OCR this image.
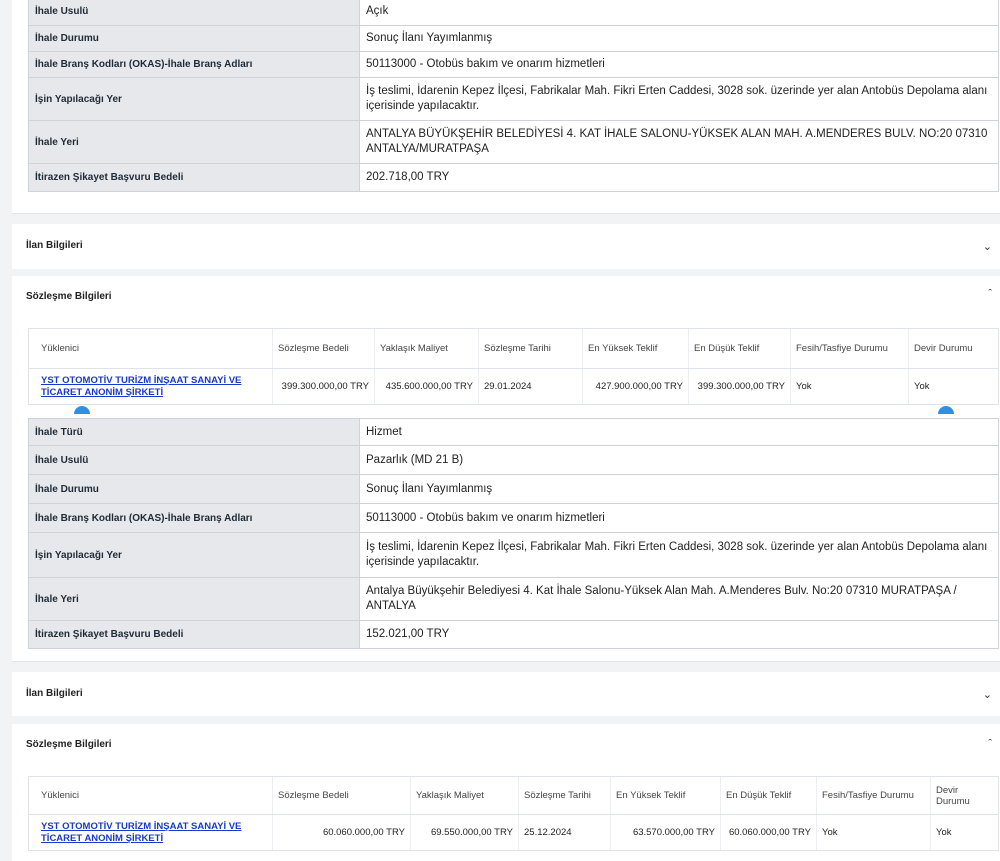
İhale Usulü	Açık
İhale Durumu	Sonuç İlanı Yayımlanmış
İhale Branş Kodları (OKAS)-İhale Branş Adları	50113000 - Otobüs bakım ve onarım hizmetleri
İşin Yapılacağı Yer	İş teslimi, İdarenin Kepez İlçesi, Fabrikalar Mah. Fikri Erten Caddesi, 3028 sok. üzerinde yer alan Antobüs Depolama alanı içerisinde yapılacaktır.
İhale Yeri	ANTALYA BÜYÜKŞEHİR BELEDİYESİ 4. KAT İHALE SALONU-YÜKSEK ALAN MAH. A.MENDERES BULV. NO:20 07310 ANTALYA/MURATPAŞA
İtirazen Şikayet Başvuru Bedeli	202.718,00 TRY
İlan Bilgileri	⌄
Sözleşme Bilgileri	ˆ
Yüklenici	Sözleşme Bedeli	Yaklaşık Maliyet	Sözleşme Tarihi	En Yüksek Teklif	En Düşük Teklif	Fesih/Tasfiye Durumu	Devir Durumu
YST OTOMOTİV TURİZM İNŞAAT SANAYİ VE TİCARET ANONİM ŞİRKETİ	399.300.000,00 TRY	435.600.000,00 TRY	29.01.2024	427.900.000,00 TRY	399.300.000,00 TRY	Yok	Yok
İhale Türü	Hizmet
İhale Usulü	Pazarlık (MD 21 B)
İhale Durumu	Sonuç İlanı Yayımlanmış
İhale Branş Kodları (OKAS)-İhale Branş Adları	50113000 - Otobüs bakım ve onarım hizmetleri
İşin Yapılacağı Yer	İş teslimi, İdarenin Kepez İlçesi, Fabrikalar Mah. Fikri Erten Caddesi, 3028 sok. üzerinde yer alan Antobüs Depolama alanı içerisinde yapılacaktır.
İhale Yeri	Antalya Büyükşehir Belediyesi 4. Kat İhale Salonu-Yüksek Alan Mah. A.Menderes Bulv. No:20 07310 MURATPAŞA / ANTALYA
İtirazen Şikayet Başvuru Bedeli	152.021,00 TRY
İlan Bilgileri	⌄
Sözleşme Bilgileri	ˆ
Yüklenici	Sözleşme Bedeli	Yaklaşık Maliyet	Sözleşme Tarihi	En Yüksek Teklif	En Düşük Teklif	Fesih/Tasfiye Durumu	Devir Durumu
YST OTOMOTİV TURİZM İNŞAAT SANAYİ VE TİCARET ANONİM ŞİRKETİ	60.060.000,00 TRY	69.550.000,00 TRY	25.12.2024	63.570.000,00 TRY	60.060.000,00 TRY	Yok	Yok
